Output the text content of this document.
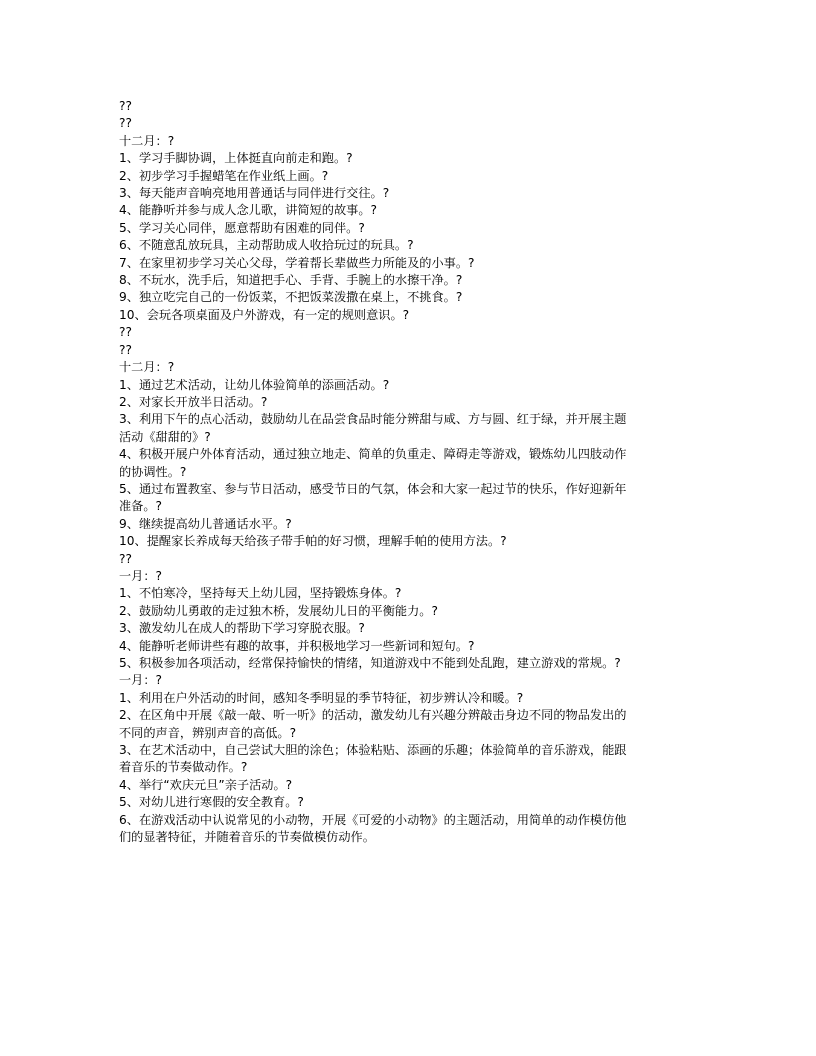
??
??
十二月：?
1、学习手脚协调，上体挺直向前走和跑。?
2、初步学习手握蜡笔在作业纸上画。?
3、每天能声音响亮地用普通话与同伴进行交往。?
4、能静听并参与成人念儿歌，讲简短的故事。?
5、学习关心同伴，愿意帮助有困难的同伴。?
6、不随意乱放玩具，主动帮助成人收拾玩过的玩具。?
7、在家里初步学习关心父母，学着帮长辈做些力所能及的小事。?
8、不玩水，洗手后，知道把手心、手背、手腕上的水擦干净。?
9、独立吃完自己的一份饭菜，不把饭菜泼撒在桌上，不挑食。?
10、会玩各项桌面及户外游戏，有一定的规则意识。?
??
??
十二月：?
1、通过艺术活动，让幼儿体验简单的添画活动。?
2、对家长开放半日活动。?
3、利用下午的点心活动，鼓励幼儿在品尝食品时能分辨甜与咸、方与圆、红于绿，并开展主题
活动《甜甜的》?
4、积极开展户外体育活动，通过独立地走、简单的负重走、障碍走等游戏，锻炼幼儿四肢动作
的协调性。?
5、通过布置教室、参与节日活动，感受节日的气氛，体会和大家一起过节的快乐，作好迎新年
准备。?
9、继续提高幼儿普通话水平。?
10、提醒家长养成每天给孩子带手帕的好习惯，理解手帕的使用方法。?
??
一月：?
1、不怕寒冷，坚持每天上幼儿园，坚持锻炼身体。?
2、鼓励幼儿勇敢的走过独木桥，发展幼儿日的平衡能力。?
3、激发幼儿在成人的帮助下学习穿脱衣服。?
4、能静听老师讲些有趣的故事，并积极地学习一些新词和短句。?
5、积极参加各项活动，经常保持愉快的情绪，知道游戏中不能到处乱跑，建立游戏的常规。?
一月：?
1、利用在户外活动的时间，感知冬季明显的季节特征，初步辨认冷和暖。?
2、在区角中开展《敲一敲、听一听》的活动，激发幼儿有兴趣分辨敲击身边不同的物品发出的
不同的声音，辨别声音的高低。?
3、在艺术活动中，自己尝试大胆的涂色；体验粘贴、添画的乐趣；体验简单的音乐游戏，能跟
着音乐的节奏做动作。?
4、举行“欢庆元旦”亲子活动。?
5、对幼儿进行寒假的安全教育。?
6、在游戏活动中认说常见的小动物，开展《可爱的小动物》的主题活动，用简单的动作模仿他
们的显著特征，并随着音乐的节奏做模仿动作。
